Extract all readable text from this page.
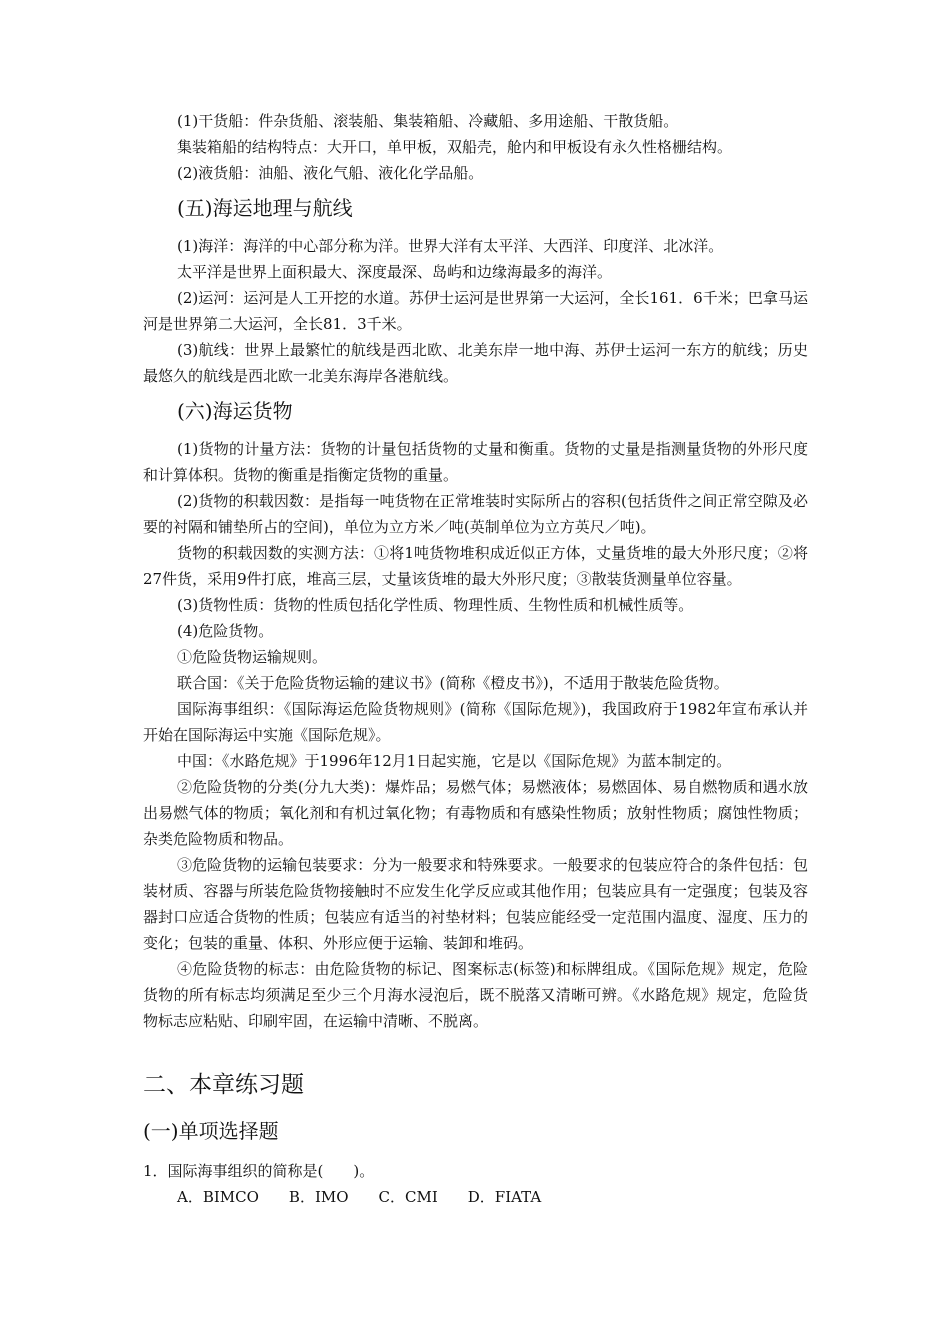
(1)干货船：件杂货船、滚装船、集装箱船、冷藏船、多用途船、干散货船。

集装箱船的结构特点：大开口，单甲板，双船壳，舱内和甲板设有永久性格栅结构。

(2)液货船：油船、液化气船、液化化学品船。

(五)海运地理与航线

(1)海洋：海洋的中心部分称为洋。世界大洋有太平洋、大西洋、印度洋、北冰洋。

太平洋是世界上面积最大、深度最深、岛屿和边缘海最多的海洋。

(2)运河：运河是人工开挖的水道。苏伊士运河是世界第一大运河，全长161．6千米；巴拿马运河是世界第二大运河，全长81．3千米。

(3)航线：世界上最繁忙的航线是西北欧、北美东岸一地中海、苏伊士运河一东方的航线；历史最悠久的航线是西北欧一北美东海岸各港航线。

(六)海运货物

(1)货物的计量方法：货物的计量包括货物的丈量和衡重。货物的丈量是指测量货物的外形尺度和计算体积。货物的衡重是指衡定货物的重量。

(2)货物的积载因数：是指每一吨货物在正常堆装时实际所占的容积(包括货件之间正常空隙及必要的衬隔和铺垫所占的空间)，单位为立方米／吨(英制单位为立方英尺／吨)。

货物的积载因数的实测方法：①将1吨货物堆积成近似正方体，丈量货堆的最大外形尺度；②将27件货，采用9件打底，堆高三层，丈量该货堆的最大外形尺度；③散装货测量单位容量。

(3)货物性质：货物的性质包括化学性质、物理性质、生物性质和机械性质等。

(4)危险货物。

①危险货物运输规则。

联合国：《关于危险货物运输的建议书》(简称《橙皮书》)，不适用于散装危险货物。

国际海事组织：《国际海运危险货物规则》(简称《国际危规》)，我国政府于1982年宣布承认并开始在国际海运中实施《国际危规》。

中国：《水路危规》于1996年12月1日起实施，它是以《国际危规》为蓝本制定的。

②危险货物的分类(分九大类)：爆炸品；易燃气体；易燃液体；易燃固体、易自燃物质和遇水放出易燃气体的物质；氧化剂和有机过氧化物；有毒物质和有感染性物质；放射性物质；腐蚀性物质；杂类危险物质和物品。

③危险货物的运输包装要求：分为一般要求和特殊要求。一般要求的包装应符合的条件包括：包装材质、容器与所装危险货物接触时不应发生化学反应或其他作用；包装应具有一定强度；包装及容器封口应适合货物的性质；包装应有适当的衬垫材料；包装应能经受一定范围内温度、湿度、压力的变化；包装的重量、体积、外形应便于运输、装卸和堆码。

④危险货物的标志：由危险货物的标记、图案标志(标签)和标牌组成。《国际危规》规定，危险货物的所有标志均须满足至少三个月海水浸泡后，既不脱落又清晰可辨。《水路危规》规定，危险货物标志应粘贴、印刷牢固，在运输中清晰、不脱离。

二、本章练习题
(一)单项选择题

1．国际海事组织的简称是(　　)。

A．BIMCO B．IMO C．CMI D．FIATA
